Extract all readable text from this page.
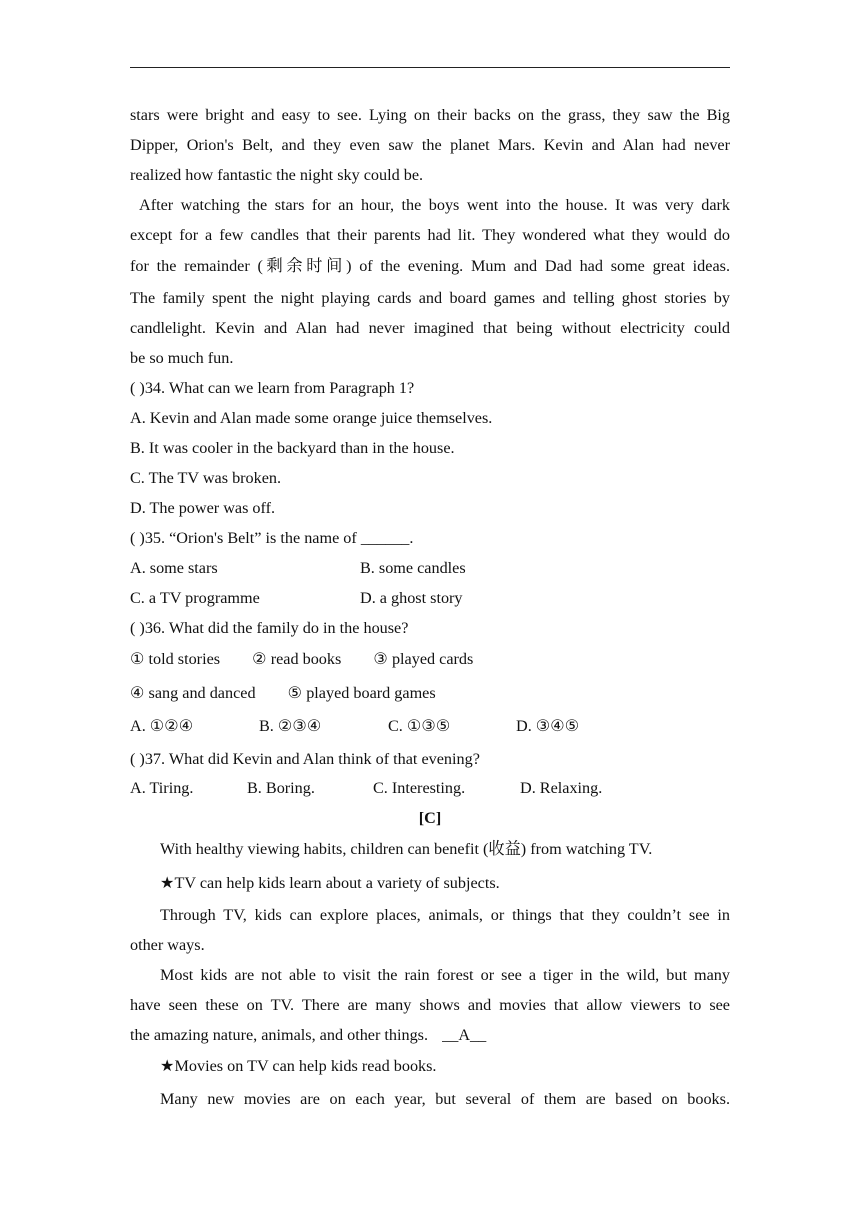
stars were bright and easy to see. Lying on their backs on the grass, they saw the Big
Dipper, Orion's Belt, and they even saw the planet Mars. Kevin and Alan had never
realized how fantastic the night sky could be.
After watching the stars for an hour, the boys went into the house. It was very dark
except for a few candles that their parents had lit. They wondered what they would do
for the remainder (剩余时间) of the evening. Mum and Dad had some great ideas.
The family spent the night playing cards and board games and telling ghost stories by
candlelight. Kevin and Alan had never imagined that being without electricity could
be so much fun.
( )34. What can we learn from Paragraph 1?
A. Kevin and Alan made some orange juice themselves.
B. It was cooler in the backyard than in the house.
C. The TV was broken.
D. The power was off.
( )35. “Orion's Belt” is the name of ______.
A. some stars	B. some candles
C. a TV programme	D. a ghost story
( )36. What did the family do in the house?
① told stories ② read books ③ played cards
④ sang and danced ⑤ played board games
A. ①②④	B. ②③④	C. ①③⑤	D. ③④⑤
( )37. What did Kevin and Alan think of that evening?
A. Tiring.	B. Boring.	C. Interesting.	D. Relaxing.
[C]
With healthy viewing habits, children can benefit (收益) from watching TV.
★TV can help kids learn about a variety of subjects.
Through TV, kids can explore places, animals, or things that they couldn’t see in
other ways.
Most kids are not able to visit the rain forest or see a tiger in the wild, but many
have seen these on TV. There are many shows and movies that allow viewers to see
the amazing nature, animals, and other things. __A__
★Movies on TV can help kids read books.
Many new movies are on each year, but several of them are based on books.
